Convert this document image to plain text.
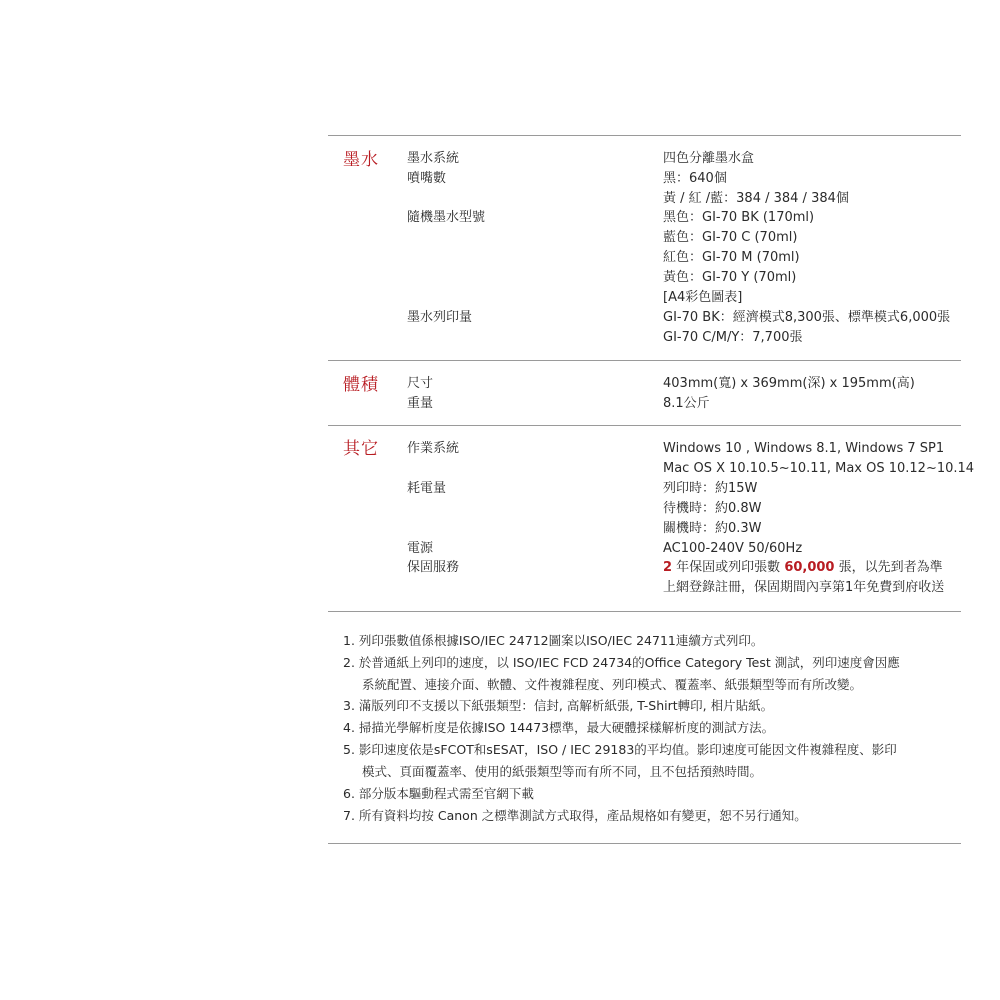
墨水 墨水系統
噴嘴數
隨機墨水型號
墨水列印量
四色分離墨水盒
黑：640個
黃 / 紅 /藍：384 / 384 / 384個
黑色：GI-70 BK (170ml)
藍色：GI-70 C (70ml)
紅色：GI-70 M (70ml)
黃色：GI-70 Y (70ml)
[A4彩色圖表]
GI-70 BK：經濟模式8,300張、標準模式6,000張
GI-70 C/M/Y：7,700張
體積 尺寸
重量
403mm(寬) x 369mm(深) x 195mm(高)
8.1公斤
其它 作業系統
耗電量
電源
保固服務
Windows 10 , Windows 8.1, Windows 7 SP1
Mac OS X 10.10.5~10.11, Max OS 10.12~10.14
列印時：約15W
待機時：約0.8W
關機時：約0.3W
AC100-240V 50/60Hz
2 年保固或列印張數 60,000 張，以先到者為準
上網登錄註冊，保固期間內享第1年免費到府收送
1. 列印張數值係根據ISO/IEC 24712圖案以ISO/IEC 24711連續方式列印。
2. 於普通紙上列印的速度，以 ISO/IEC FCD 24734的Office Category Test 測試，列印速度會因應
系統配置、連接介面、軟體、文件複雜程度、列印模式、覆蓋率、紙張類型等而有所改變。
3. 滿版列印不支援以下紙張類型：信封, 高解析紙張, T-Shirt轉印, 相片貼紙。
4. 掃描光學解析度是依據ISO 14473標準，最大硬體採樣解析度的測試方法。
5. 影印速度依是sFCOT和sESAT，ISO / IEC 29183的平均值。影印速度可能因文件複雜程度、影印
模式、頁面覆蓋率、使用的紙張類型等而有所不同，且不包括預熱時間。
6. 部分版本驅動程式需至官網下載
7. 所有資料均按 Canon 之標準測試方式取得，產品規格如有變更，恕不另行通知。
